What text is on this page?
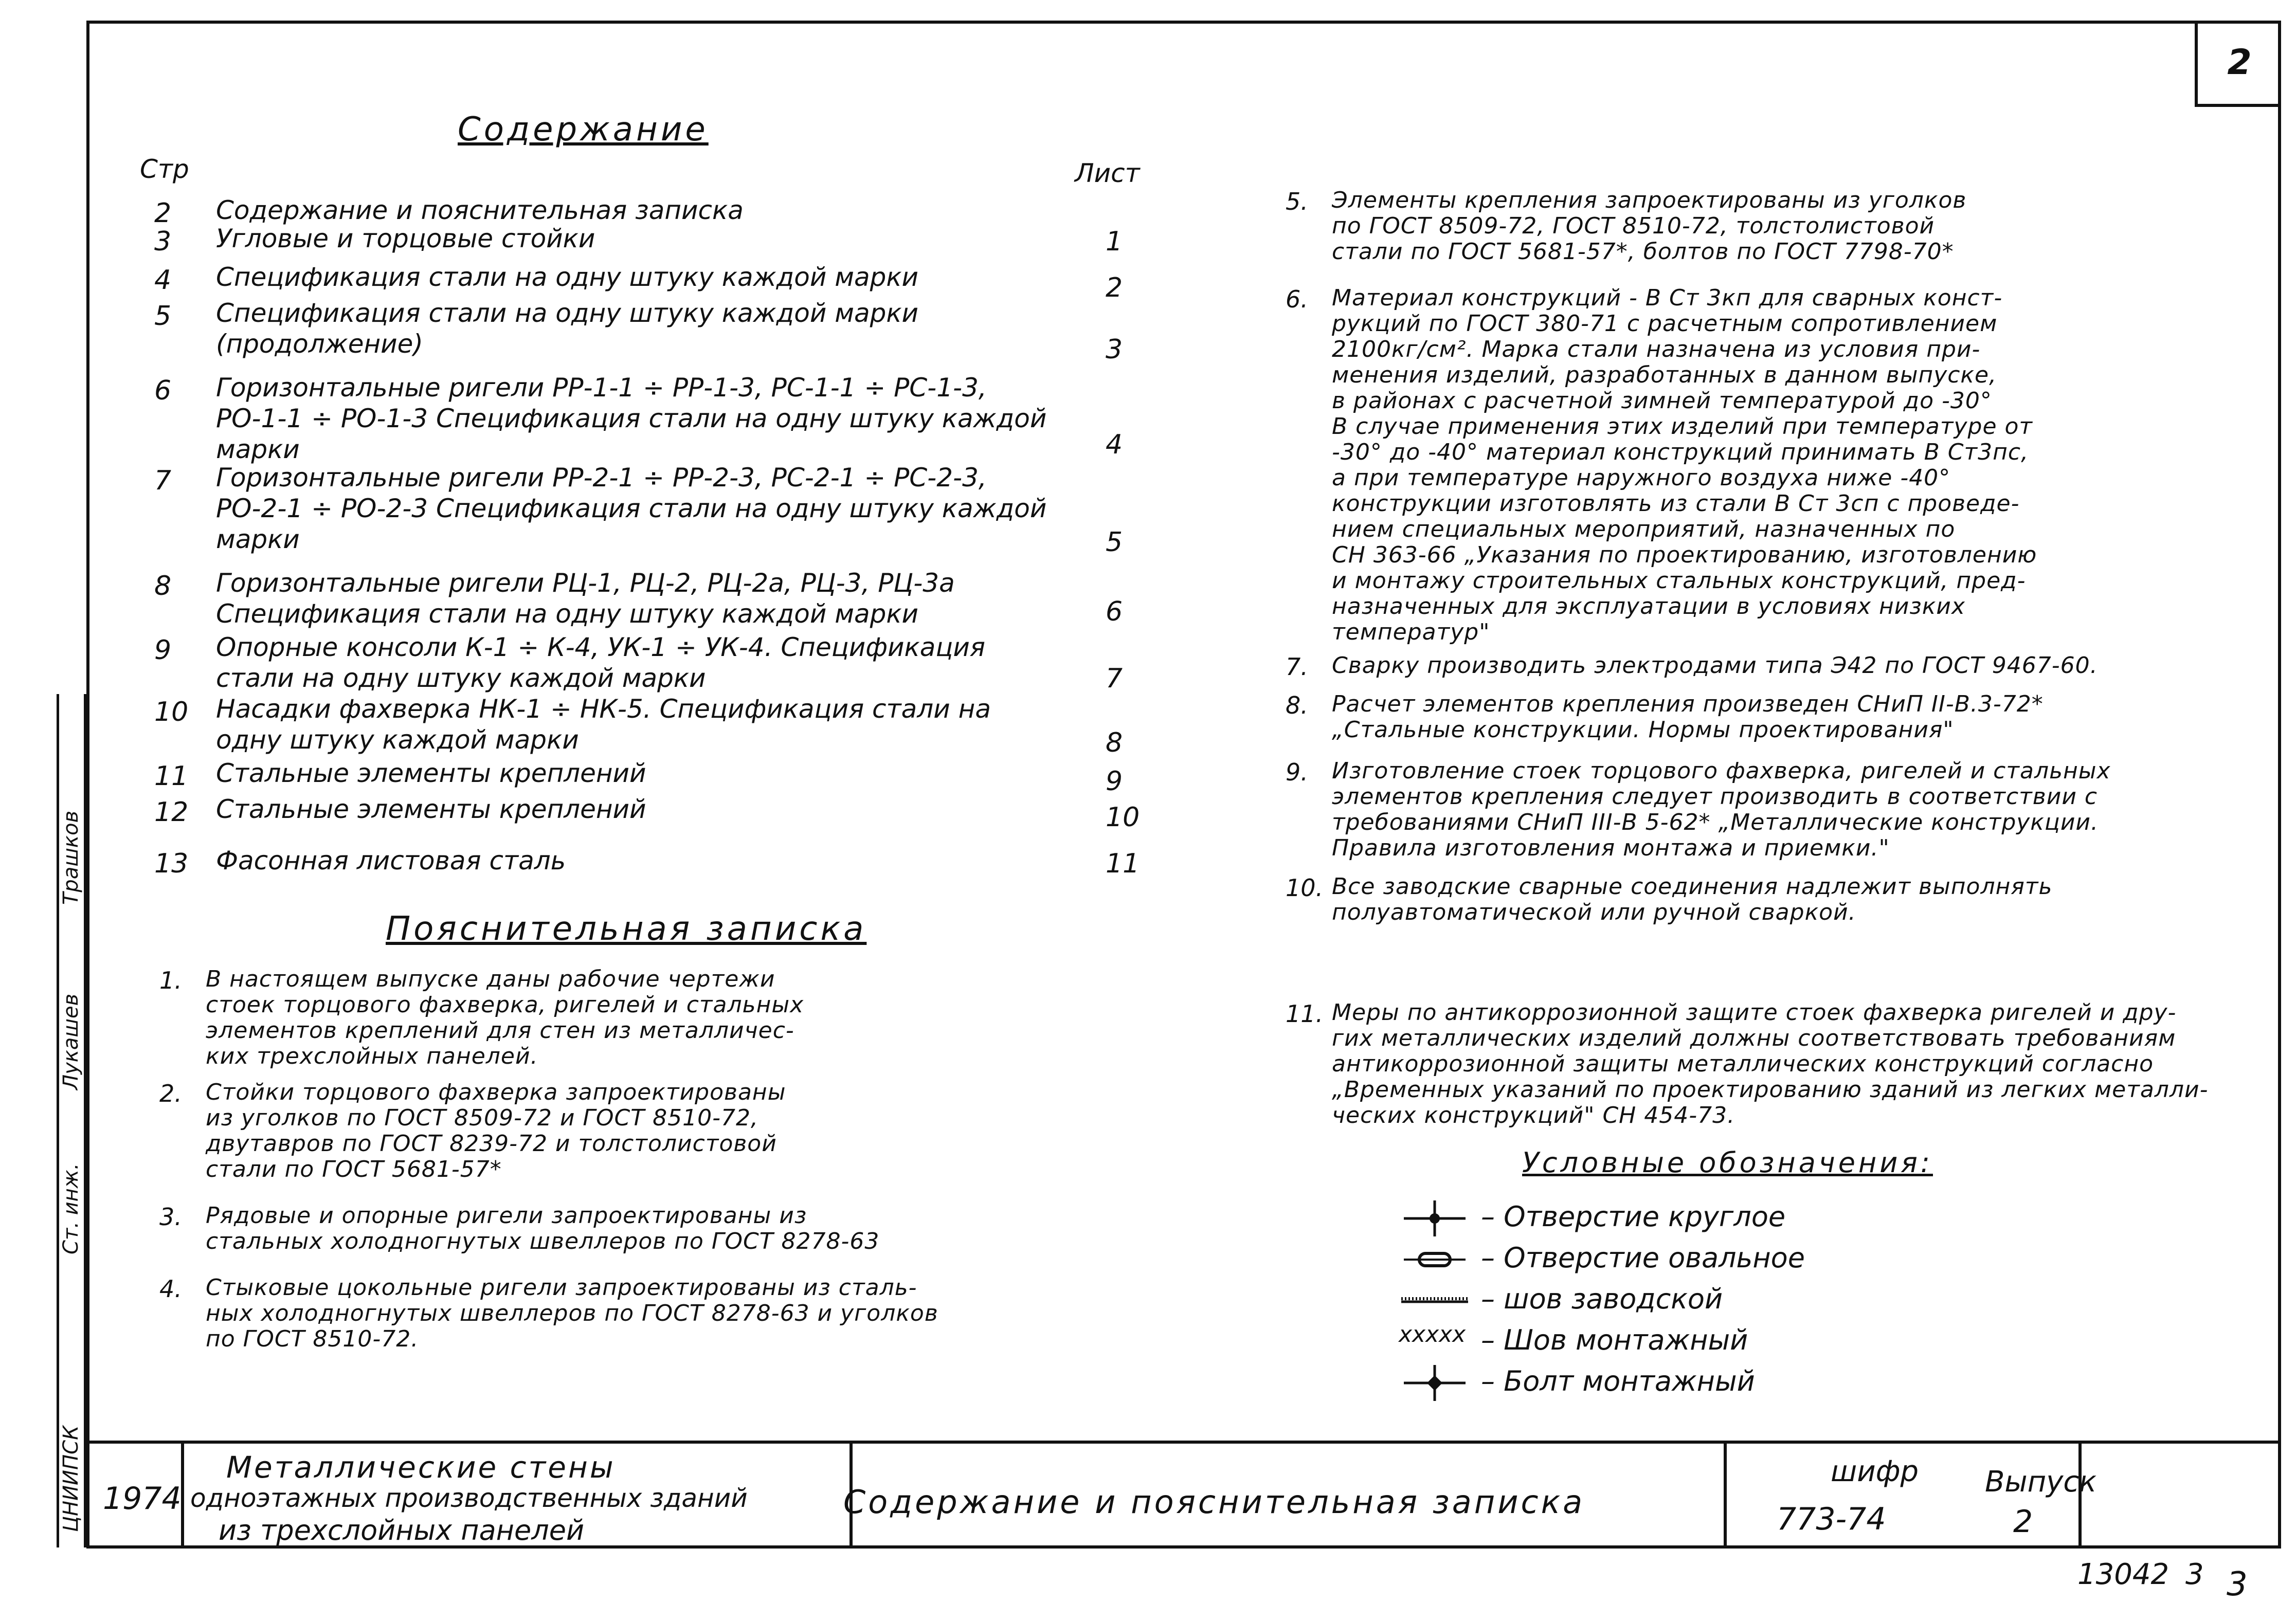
2
ЦНИИПСК
Ст. инж.
Лукашев
Трашков
Содержание
Стр	Лист
2 Содержание и пояснительная записка
3 Угловые и торцовые стойки	1
4 Спецификация стали на одну штуку каждой марки	2
5 Спецификация стали на одну штуку каждой марки (продолжение)	3
6 Горизонтальные ригели РР-1-1 ÷ РР-1-3, РС-1-1 ÷ РС-1-3, РО-1-1 ÷ РО-1-3 Спецификация стали на одну штуку каждой марки	4
7 Горизонтальные ригели РР-2-1 ÷ РР-2-3, РС-2-1 ÷ РС-2-3, РО-2-1 ÷ РО-2-3 Спецификация стали на одну штуку каждой марки	5
8 Горизонтальные ригели РЦ-1, РЦ-2, РЦ-2а, РЦ-3, РЦ-3а Спецификация стали на одну штуку каждой марки	6
9 Опорные консоли К-1 ÷ К-4, УК-1 ÷ УК-4. Спецификация стали на одну штуку каждой марки	7
10 Насадки фахверка НК-1 ÷ НК-5. Спецификация стали на одну штуку каждой марки	8
11 Стальные элементы креплений	9
12 Стальные элементы креплений	10
13 Фасонная листовая сталь	11
Пояснительная записка
1. В настоящем выпуске даны рабочие чертежи
стоек торцового фахверка, ригелей и стальных
элементов креплений для стен из металличес-
ких трехслойных панелей.
2. Стойки торцового фахверка запроектированы
из уголков по ГОСТ 8509-72 и ГОСТ 8510-72,
двутавров по ГОСТ 8239-72 и толстолистовой
стали по ГОСТ 5681-57*
3. Рядовые и опорные ригели запроектированы из
стальных холодногнутых швеллеров по ГОСТ 8278-63
4. Стыковые цокольные ригели запроектированы из сталь-
ных холодногнутых швеллеров по ГОСТ 8278-63 и уголков
по ГОСТ 8510-72.
5. Элементы крепления запроектированы из уголков
по ГОСТ 8509-72, ГОСТ 8510-72, толстолистовой
стали по ГОСТ 5681-57*, болтов по ГОСТ 7798-70*
6. Материал конструкций - В Ст 3кп для сварных конст-
рукций по ГОСТ 380-71 с расчетным сопротивлением
2100кг/см². Марка стали назначена из условия при-
менения изделий, разработанных в данном выпуске,
в районах с расчетной зимней температурой до -30°
В случае применения этих изделий при температуре от
-30° до -40° материал конструкций принимать В Ст3пс,
а при температуре наружного воздуха ниже -40°
конструкции изготовлять из стали В Ст 3сп с проведе-
нием специальных мероприятий, назначенных по
СН 363-66 „Указания по проектированию, изготовлению
и монтажу строительных стальных конструкций, пред-
назначенных для эксплуатации в условиях низких
температур"
7. Сварку производить электродами типа Э42 по ГОСТ 9467-60.
8. Расчет элементов крепления произведен СНиП II-В.3-72*
„Стальные конструкции. Нормы проектирования"
9. Изготовление стоек торцового фахверка, ригелей и стальных
элементов крепления следует производить в соответствии с
требованиями СНиП III-В 5-62* „Металлические конструкции.
Правила изготовления монтажа и приемки."
10. Все заводские сварные соединения надлежит выполнять
полуавтоматической или ручной сваркой.
11. Меры по антикоррозионной защите стоек фахверка ригелей и дру-
гих металлических изделий должны соответствовать требованиям
антикоррозионной защиты металлических конструкций согласно
„Временных указаний по проектированию зданий из легких металли-
ческих конструкций" СН 454-73.
Условные обозначения:
xxxxx
– Отверстие круглое
– Отверстие овальное
– шов заводской
– Шов монтажный
– Болт монтажный
1974
Металлические стены
одноэтажных производственных зданий
из трехслойных панелей
Содержание и пояснительная записка
шифр
773-74
Выпуск
2
13042 3 3
